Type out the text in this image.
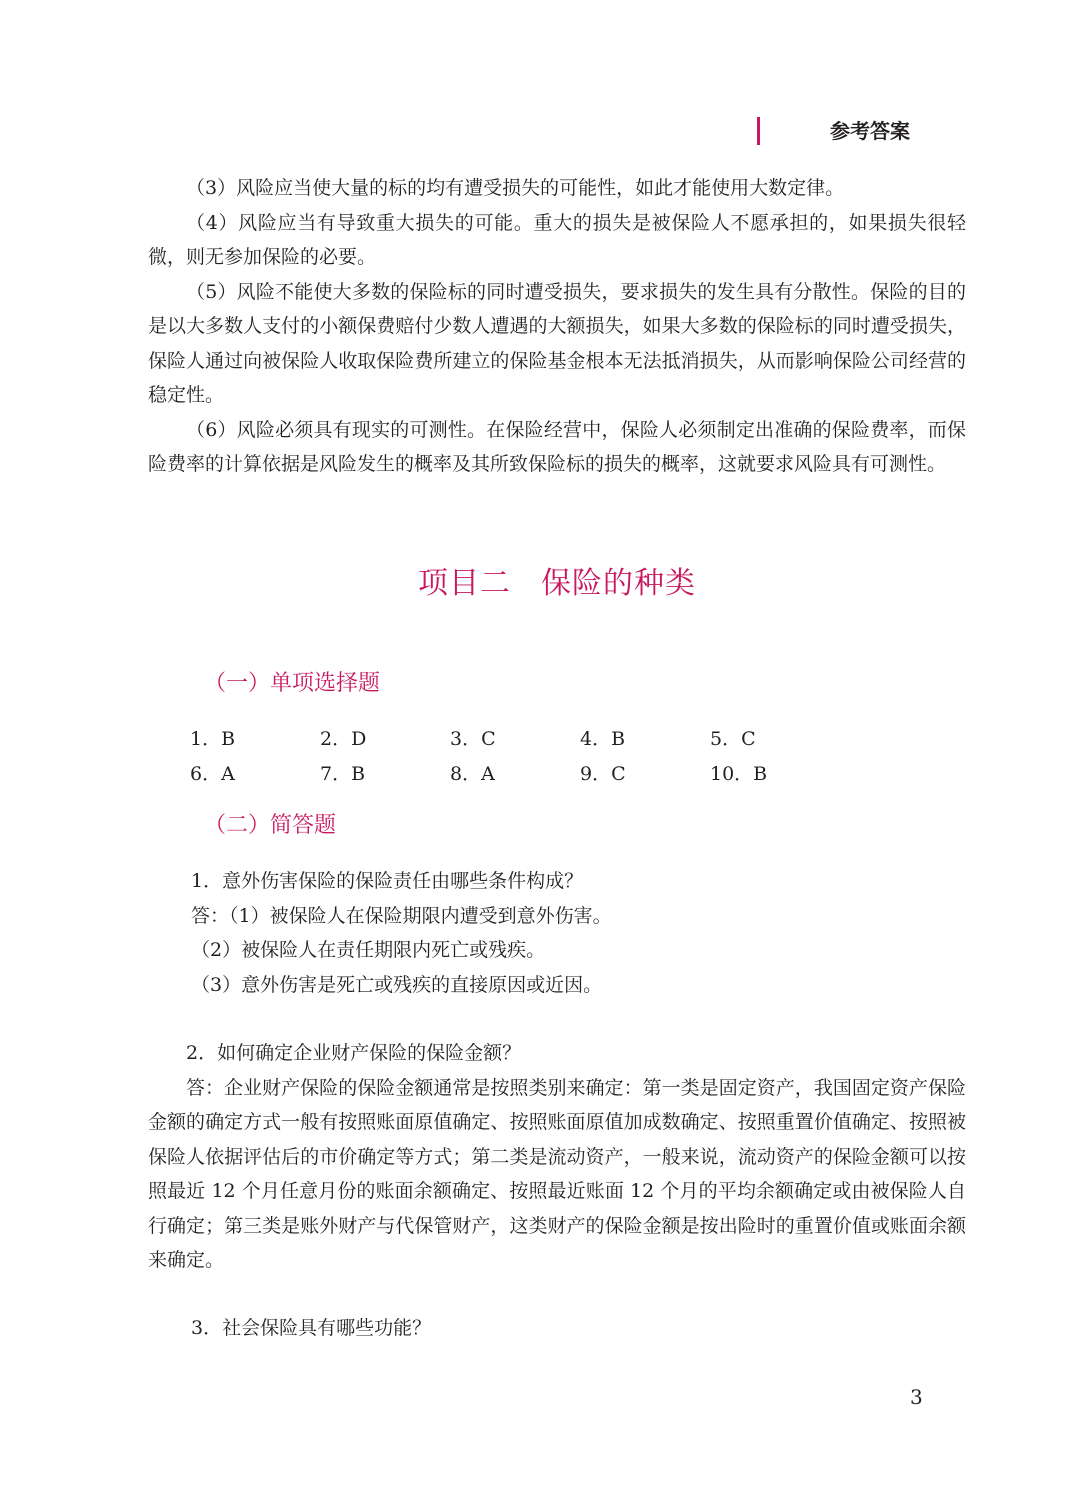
参考答案

（3）风险应当使大量的标的均有遭受损失的可能性，如此才能使用大数定律。

（4）风险应当有导致重大损失的可能。重大的损失是被保险人不愿承担的，如果损失很轻微，则无参加保险的必要。

（5）风险不能使大多数的保险标的同时遭受损失，要求损失的发生具有分散性。保险的目的是以大多数人支付的小额保费赔付少数人遭遇的大额损失，如果大多数的保险标的同时遭受损失，保险人通过向被保险人收取保险费所建立的保险基金根本无法抵消损失，从而影响保险公司经营的稳定性。

（6）风险必须具有现实的可测性。在保险经营中，保险人必须制定出准确的保险费率，而保险费率的计算依据是风险发生的概率及其所致保险标的损失的概率，这就要求风险具有可测性。

项目二 保险的种类
（一）单项选择题
1．B	2．D	3．C	4．B	5．C
6．A	7．B	8．A	9．C	10．B
（二）简答题

1．意外伤害保险的保险责任由哪些条件构成？

答：（1）被保险人在保险期限内遭受到意外伤害。

（2）被保险人在责任期限内死亡或残疾。

（3）意外伤害是死亡或残疾的直接原因或近因。

2．如何确定企业财产保险的保险金额？

答：企业财产保险的保险金额通常是按照类别来确定：第一类是固定资产，我国固定资产保险金额的确定方式一般有按照账面原值确定、按照账面原值加成数确定、按照重置价值确定、按照被保险人依据评估后的市价确定等方式；第二类是流动资产，一般来说，流动资产的保险金额可以按照最近 12 个月任意月份的账面余额确定、按照最近账面 12 个月的平均余额确定或由被保险人自行确定；第三类是账外财产与代保管财产，这类财产的保险金额是按出险时的重置价值或账面余额来确定。

3．社会保险具有哪些功能？

3
